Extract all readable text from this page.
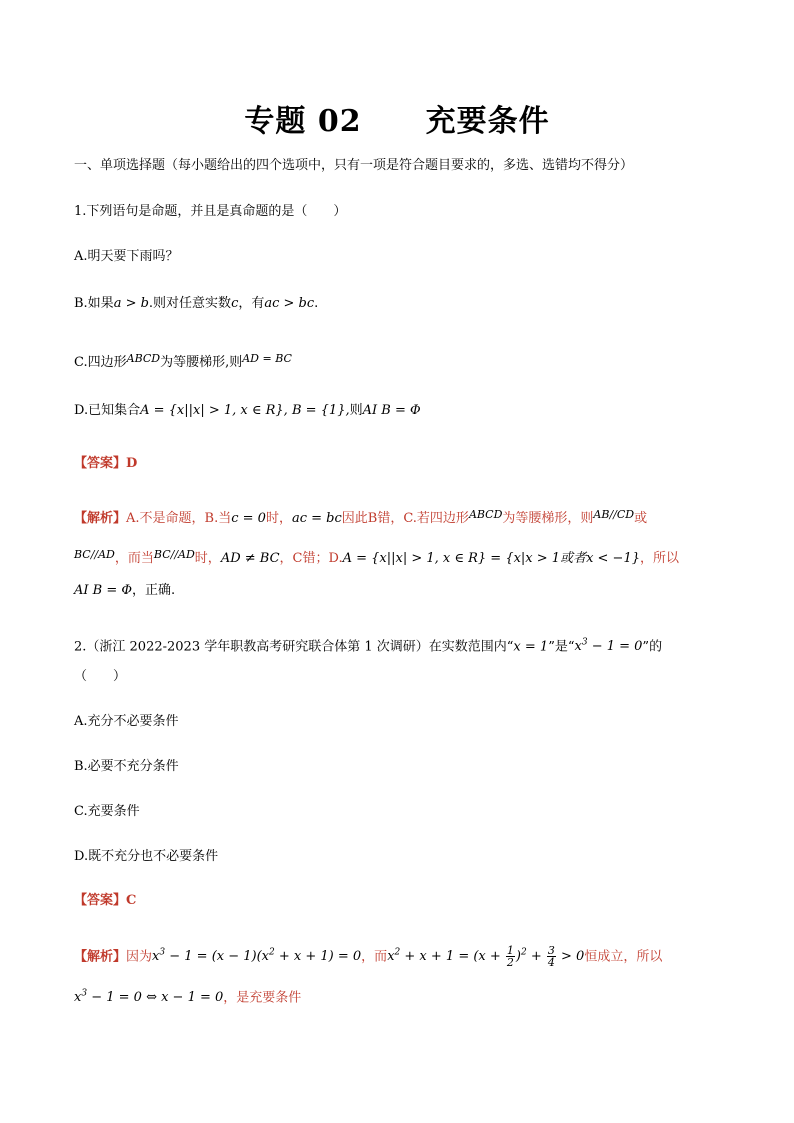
专题 02 充要条件
一、单项选择题（每小题给出的四个选项中，只有一项是符合题目要求的，多选、选错均不得分）
1.下列语句是命题，并且是真命题的是（　　）
A.明天要下雨吗？
B.如果a > b.则对任意实数c，有ac > bc.
C.四边形$^{ABCD}$为等腰梯形,则$^{AD = BC}$
D.已知集合A = {x||x| > 1, x ∈ R}, B = {1},则AI B = Φ
【答案】D
【解析】A.不是命题，B.当c = 0时，ac = bc因此B错，C.若四边形$^{ABCD}$为等腰梯形，则$^{AB//CD}$或
$^{BC//AD}$，而当$^{BC//AD}$时，AD ≠ BC，C错；D.A = {x||x| > 1, x ∈ R} = {x|x > 1或者x < −1}，所以
AI B = Φ，正确.
2.（浙江 2022-2023 学年职教高考研究联合体第 1 次调研）在实数范围内“x = 1”是“$x^3 - 1 = 0$”的
（　　）
A.充分不必要条件
B.必要不充分条件
C.充要条件
D.既不充分也不必要条件
【答案】C
【解析】因为$x^3 - 1 = (x - 1)(x^2 + x + 1) = 0$，而$x^2 + x + 1 = (x + \frac{1}{2} )^2 + \frac{3}{4} > 0$恒成立，所以
$x^3 - 1 = 0$ ⇔ x − 1 = 0，是充要条件
